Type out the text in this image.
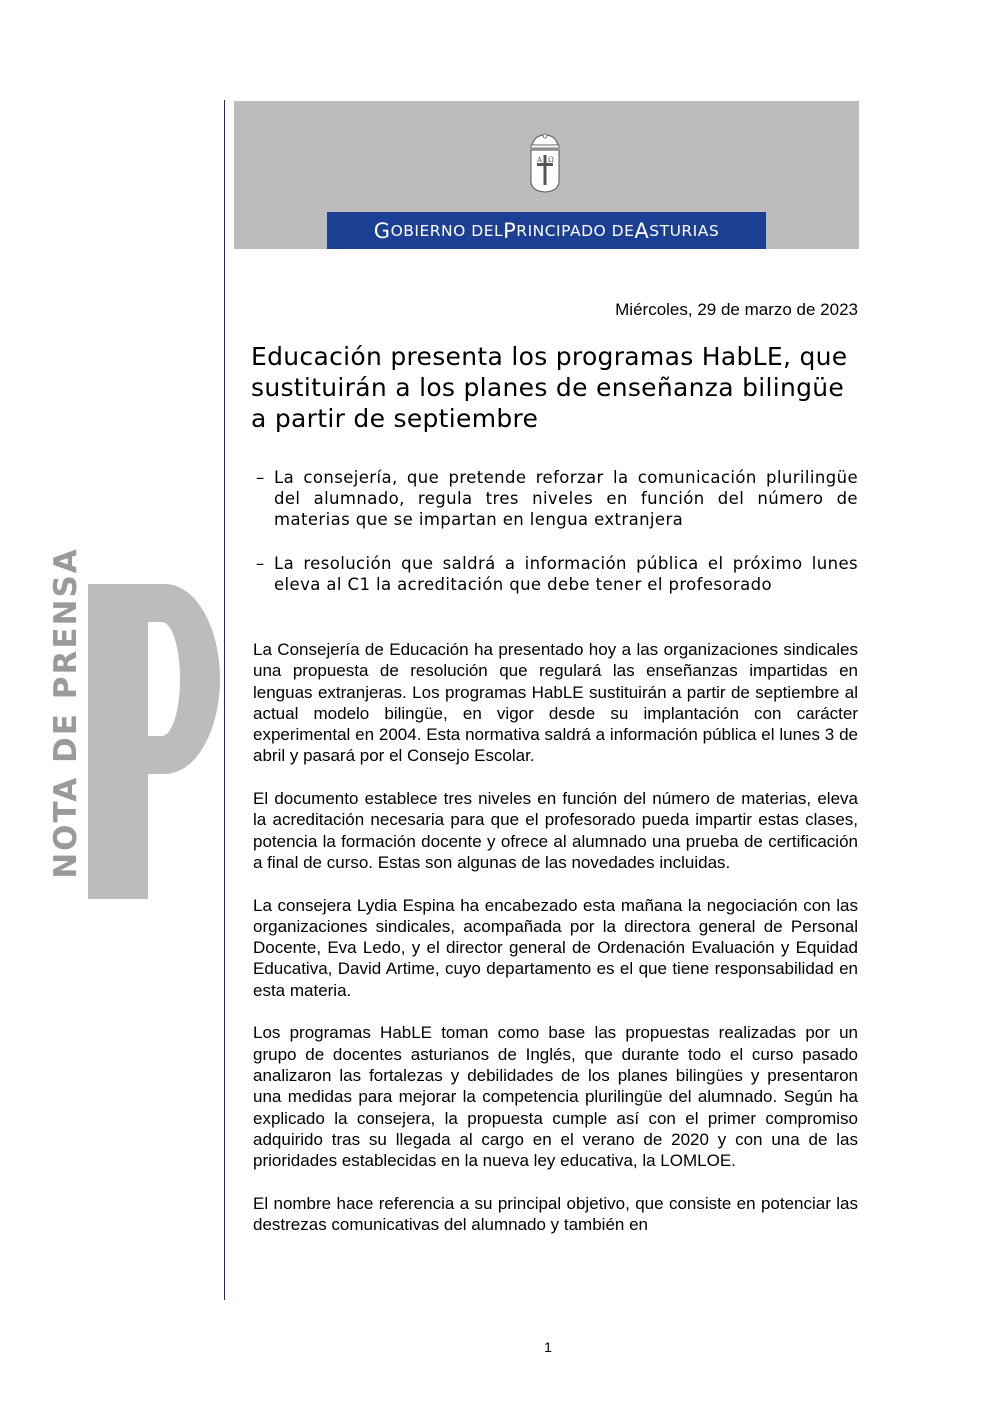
A Ω
G OBIERNO DEL P RINCIPADO DE A STURIAS
NOTA DE PRENSA
Miércoles, 29 de marzo de 2023
Educación presenta los programas HabLE, que sustituirán a los planes de enseñanza bilingüe a partir de septiembre
– La consejería, que pretende reforzar la comunicación plurilingüe del alumnado, regula tres niveles en función del número de materias que se impartan en lengua extranjera
– La resolución que saldrá a información pública el próximo lunes eleva al C1 la acreditación que debe tener el profesorado

La Consejería de Educación ha presentado hoy a las organizaciones sindicales una propuesta de resolución que regulará las enseñanzas impartidas en lenguas extranjeras. Los programas HabLE sustituirán a partir de septiembre al actual modelo bilingüe, en vigor desde su implantación con carácter experimental en 2004. Esta normativa saldrá a información pública el lunes 3 de abril y pasará por el Consejo Escolar.

El documento establece tres niveles en función del número de materias, eleva la acreditación necesaria para que el profesorado pueda impartir estas clases, potencia la formación docente y ofrece al alumnado una prueba de certificación a final de curso. Estas son algunas de las novedades incluidas.

La consejera Lydia Espina ha encabezado esta mañana la negociación con las organizaciones sindicales, acompañada por la directora general de Personal Docente, Eva Ledo, y el director general de Ordenación Evaluación y Equidad Educativa, David Artime, cuyo departamento es el que tiene responsabilidad en esta materia.

Los programas HabLE toman como base las propuestas realizadas por un grupo de docentes asturianos de Inglés, que durante todo el curso pasado analizaron las fortalezas y debilidades de los planes bilingües y presentaron una medidas para mejorar la competencia plurilingüe del alumnado. Según ha explicado la consejera, la propuesta cumple así con el primer compromiso adquirido tras su llegada al cargo en el verano de 2020 y con una de las prioridades establecidas en la nueva ley educativa, la LOMLOE.

El nombre hace referencia a su principal objetivo, que consiste en potenciar las destrezas comunicativas del alumnado y también en

1
